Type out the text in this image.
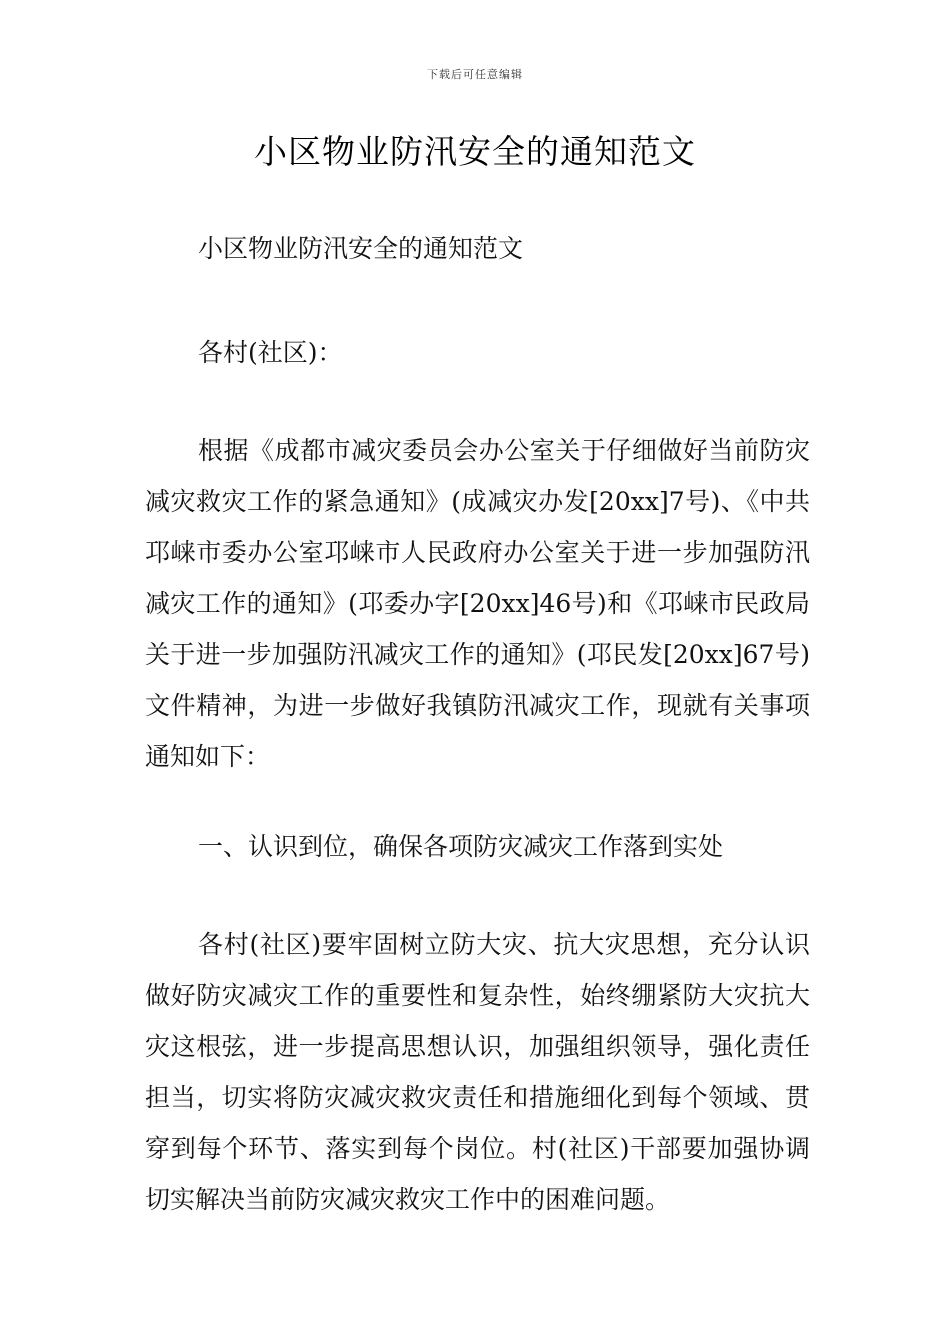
下载后可任意编辑
小区物业防汛安全的通知范文

小区物业防汛安全的通知范文

各村(社区)：

根据《成都市减灾委员会办公室关于仔细做好当前防灾减灾救灾工作的紧急通知》(成减灾办发[20xx]7号)、《中共邛崃市委办公室邛崃市人民政府办公室关于进一步加强防汛减灾工作的通知》(邛委办字[20xx]46号)和《邛崃市民政局关于进一步加强防汛减灾工作的通知》(邛民发[20xx]67号)文件精神，为进一步做好我镇防汛减灾工作，现就有关事项通知如下：

一、认识到位，确保各项防灾减灾工作落到实处

各村(社区)要牢固树立防大灾、抗大灾思想，充分认识做好防灾减灾工作的重要性和复杂性，始终绷紧防大灾抗大灾这根弦，进一步提高思想认识，加强组织领导，强化责任担当，切实将防灾减灾救灾责任和措施细化到每个领域、贯穿到每个环节、落实到每个岗位。村(社区)干部要加强协调切实解决当前防灾减灾救灾工作中的困难问题。
